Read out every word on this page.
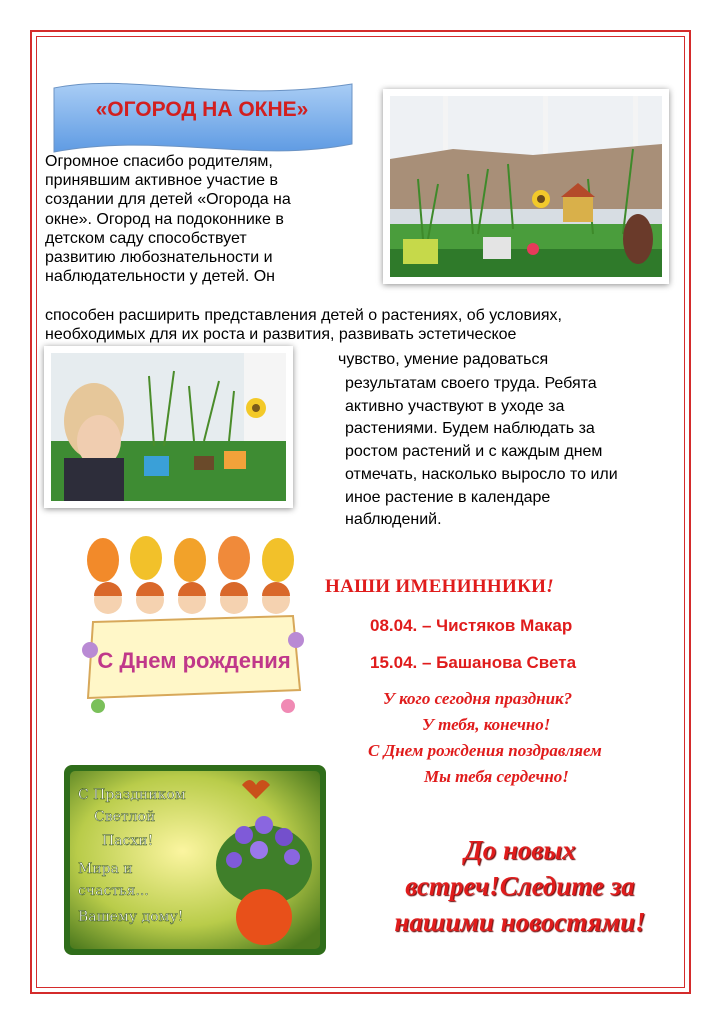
«ОГОРОД НА ОКНЕ»
Огромное спасибо родителям,
принявшим активное участие в
создании для детей «Огорода на
окне». Огород на подоконнике в
детском саду способствует
развитию любознательности и
наблюдательности у детей. Он
способен расширить представления детей о растениях, об условиях,
необходимых для их роста и развития, развивать эстетическое
чувство, умение радоваться
результатам своего труда. Ребята
активно участвуют в уходе за
растениями. Будем наблюдать за
ростом растений и с каждым днем
отмечать, насколько выросло то или
иное растение в календаре
наблюдений.
С Днем рождения
НАШИ ИМЕНИННИКИ!
08.04. – Чистяков Макар
15.04. – Башанова Света
У кого сегодня праздник?
У тебя, конечно!
С Днем рождения поздравляем
Мы тебя сердечно!
С Праздником Светлой Пасхи! Мира и счастья... Вашему дому!
До новых
встреч!Следите за
нашими новостями!
